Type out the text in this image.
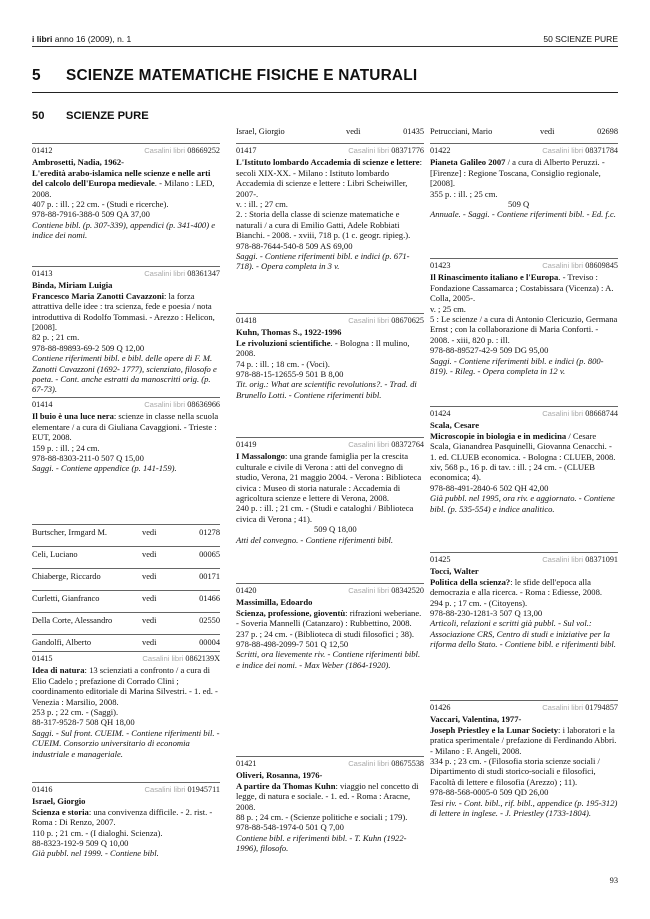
i libri anno 16 (2009), n. 1	50 SCIENZE PURE
5 SCIENZE MATEMATICHE FISICHE E NATURALI
50 SCIENZE PURE
01412	Casalini libri 08669252
Ambrosetti, Nadia, 1962-
L'eredità arabo-islamica nelle scienze e nelle arti del calcolo dell'Europa medievale. - Milano : LED, 2008.
407 p. : ill. ; 22 cm. - (Studi e ricerche).
978-88-7916-388-0 509 QA 37,00
Contiene bibl. (p. 307-339), appendici (p. 341-400) e indice dei nomi.
01413	Casalini libri 08361347
Binda, Miriam Luigia
Francesco Maria Zanotti Cavazzoni: la forza attrattiva delle idee : tra scienza, fede e poesia / nota introduttiva di Rodolfo Tommasi. - Arezzo : Helicon, [2008].
82 p. ; 21 cm.
978-88-89893-69-2 509 Q 12,00
Contiene riferimenti bibl. e bibl. delle opere di F. M. Zanotti Cavazzoni (1692- 1777), scienziato, filosofo e poeta. - Cont. anche estratti da manoscritti orig. (p. 67-73).
01414	Casalini libri 08636966
Il buio è una luce nera: scienze in classe nella scuola elementare / a cura di Giuliana Cavaggioni. - Trieste : EUT, 2008.
159 p. : ill. ; 24 cm.
978-88-8303-211-0 507 Q 15,00
Saggi. - Contiene appendice (p. 141-159).
Burtscher, Irmgard M.	vedi	01278
Celi, Luciano	vedi	00065
Chiaberge, Riccardo	vedi	00171
Curletti, Gianfranco	vedi	01466
Della Corte, Alessandro	vedi	02550
Gandolfi, Alberto	vedi	00004
01415	Casalini libri 0862139X
Idea di natura: 13 scienziati a confronto / a cura di Elio Cadelo ; prefazione di Corrado Clini ; coordinamento editoriale di Marina Silvestri. - 1. ed. - Venezia : Marsilio, 2008.
253 p. ; 22 cm. - (Saggi).
88-317-9528-7 508 QH 18,00
Saggi. - Sul front. CUEIM. - Contiene riferimenti bil. - CUEIM. Consorzio universitario di economia industriale e manageriale.
01416	Casalini libri 01945711
Israel, Giorgio
Scienza e storia: una convivenza difficile. - 2. rist. - Roma : Di Renzo, 2007.
110 p. ; 21 cm. - (I dialoghi. Scienza).
88-8323-192-9 509 Q 10,00
Già pubbl. nel 1999. - Contiene bibl.
Israel, Giorgio	vedi	01435
01417	Casalini libri 08371776
L'Istituto lombardo Accademia di scienze e lettere: secoli XIX-XX. - Milano : Istituto lombardo Accademia di scienze e lettere : Libri Scheiwiller, 2007-.
v. : ill. ; 27 cm.
2. : Storia della classe di scienze matematiche e naturali / a cura di Emilio Gatti, Adele Robbiati Bianchi. - 2008. - xviii, 718 p. (1 c. geogr. ripieg.).
978-88-7644-540-8 509 AS 69,00
Saggi. - Contiene riferimenti bibl. e indici (p. 671-718). - Opera completa in 3 v.
01418	Casalini libri 08670625
Kuhn, Thomas S., 1922-1996
Le rivoluzioni scientifiche. - Bologna : Il mulino, 2008.
74 p. : ill. ; 18 cm. - (Voci).
978-88-15-12655-9 501 B 8,00
Tit. orig.: What are scientific revolutions?. - Trad. di Brunello Lotti. - Contiene riferimenti bibl.
01419	Casalini libri 08372764
I Massalongo: una grande famiglia per la crescita culturale e civile di Verona : atti del convegno di studio, Verona, 21 maggio 2004. - Verona : Biblioteca civica : Museo di storia naturale : Accademia di agricoltura scienze e lettere di Verona, 2008.
240 p. : ill. ; 21 cm. - (Studi e cataloghi / Biblioteca civica di Verona ; 41).
509 Q 18,00
Atti del convegno. - Contiene riferimenti bibl.
01420	Casalini libri 08342520
Massimilla, Edoardo
Scienza, professione, gioventù: rifrazioni weberiane. - Soveria Mannelli (Catanzaro) : Rubbettino, 2008.
237 p. ; 24 cm. - (Biblioteca di studi filosofici ; 38).
978-88-498-2099-7 501 Q 12,50
Scritti, ora lievemente riv. - Contiene riferimenti bibl. e indice dei nomi. - Max Weber (1864-1920).
01421	Casalini libri 08675538
Oliveri, Rosanna, 1976-
A partire da Thomas Kuhn: viaggio nel concetto di legge, di natura e sociale. - 1. ed. - Roma : Aracne, 2008.
88 p. ; 24 cm. - (Scienze politiche e sociali ; 179).
978-88-548-1974-0 501 Q 7,00
Contiene bibl. e riferimenti bibl. - T. Kuhn (1922-1996), filosofo.
Petrucciani, Mario	vedi	02698
01422	Casalini libri 08371784
Pianeta Galileo 2007 / a cura di Alberto Peruzzi. - [Firenze] : Regione Toscana, Consiglio regionale, [2008].
355 p. : ill. ; 25 cm.
509 Q
Annuale. - Saggi. - Contiene riferimenti bibl. - Ed. f.c.
01423	Casalini libri 08609845
Il Rinascimento italiano e l'Europa. - Treviso : Fondazione Cassamarca ; Costabissara (Vicenza) : A. Colla, 2005-.
v. ; 25 cm.
5 : Le scienze / a cura di Antonio Clericuzio, Germana Ernst ; con la collaborazione di Maria Conforti. - 2008. - xiii, 820 p. : ill.
978-88-89527-42-9 509 DG 95,00
Saggi. - Contiene riferimenti bibl. e indici (p. 800- 819). - Rileg. - Opera completa in 12 v.
01424	Casalini libri 08668744
Scala, Cesare
Microscopie in biologia e in medicina / Cesare Scala, Gianandrea Pasquinelli, Giovanna Cenacchi. - 1. ed. CLUEB economica. - Bologna : CLUEB, 2008.
xiv, 568 p., 16 p. di tav. : ill. ; 24 cm. - (CLUEB economica; 4).
978-88-491-2840-6 502 QH 42,00
Già pubbl. nel 1995, ora riv. e aggiornato. - Contiene bibl. (p. 535-554) e indice analitico.
01425	Casalini libri 08371091
Tocci, Walter
Politica della scienza?: le sfide dell'epoca alla democrazia e alla ricerca. - Roma : Ediesse, 2008.
294 p. ; 17 cm. - (Citoyens).
978-88-230-1281-3 507 Q 13,00
Articoli, relazioni e scritti già pubbl. - Sul vol.: Associazione CRS, Centro di studi e iniziative per la riforma dello Stato. - Contiene bibl. e riferimenti bibl.
01426	Casalini libri 01794857
Vaccari, Valentina, 1977-
Joseph Priestley e la Lunar Society: i laboratori e la pratica sperimentale / prefazione di Ferdinando Abbri. - Milano : F. Angeli, 2008.
334 p. ; 23 cm. - (Filosofia storia scienze sociali / Dipartimento di studi storico-sociali e filosofici, Facoltà di lettere e filosofia (Arezzo) ; 11).
978-88-568-0005-0 509 QD 26,00
Tesi riv. - Cont. bibl., rif. bibl., appendice (p. 195-312) di lettere in inglese. - J. Priestley (1733-1804).
93
